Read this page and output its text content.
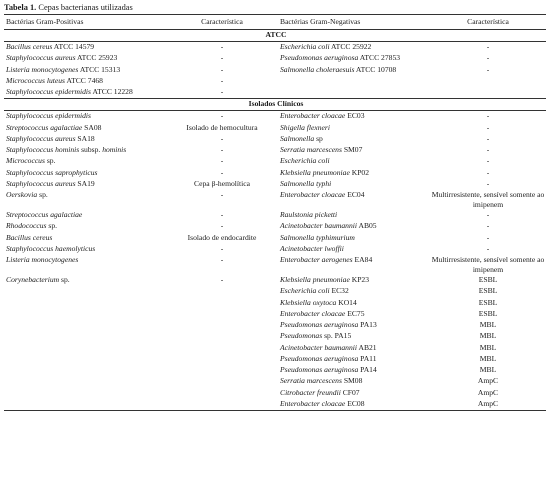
Tabela 1. Cepas bacterianas utilizadas
Bactérias Gram-Positivas	Característica	Bactérias Gram-Negativas	Característica
ATCC			
Bacillus cereus ATCC 14579	-	Escherichia coli ATCC 25922	-
Staphylococcus aureus ATCC 25923	-	Pseudomonas aeruginosa ATCC 27853	-
Listeria monocytogenes ATCC 15313	-	Salmonella choleraesuis ATCC 10708	-
Micrococcus luteus ATCC 7468	-		
Staphylococcus epidermidis ATCC 12228	-		
Isolados Clínicos			
Staphylococcus epidermidis	-	Enterobacter cloacae EC03	-
Streptococcus agalactiae SA08	Isolado de hemocultura	Shigella flexneri	-
Staphylococcus aureus SA18	-	Salmonella sp	-
Staphylococcus hominis subsp. hominis	-	Serratia marcescens SM07	-
Micrococcus sp.	-	Escherichia coli	-
Staphylococcus saprophyticus	-	Klebsiella pneumoniae KP02	-
Staphylococcus aureus SA19	Cepa β-hemolítica	Salmonella typhi	-
Oerskovia sp.	-	Enterobacter cloacae EC04	Multirresistente, sensível somente ao imipenem
Streptococcus agalactiae	-	Raulstonia picketti	-
Rhodococcus sp.	-	Acinetobacter baumannii AB05	-
Bacillus cereus	Isolado de endocardite	Salmonella typhimurium	-
Staphylococcus haemolyticus	-	Acinetobacter lwoffii	-
Listeria monocytogenes	-	Enterobacter aerogenes EA84	Multirresistente, sensível somente ao imipenem
Corynebacterium sp.	-	Klebsiella pneumoniae KP23	ESBL
		Escherichia coli EC32	ESBL
		Klebsiella oxytoca KO14	ESBL
		Enterobacter cloacae EC75	ESBL
		Pseudomonas aeruginosa PA13	MBL
		Pseudomonas sp. PA15	MBL
		Acinetobacter baumannii AB21	MBL
		Pseudomonas aeruginosa PA11	MBL
		Pseudomonas aeruginosa PA14	MBL
		Serratia marcescens SM08	AmpC
		Citrobacter freundii CF07	AmpC
		Enterobacter cloacae EC08	AmpC
